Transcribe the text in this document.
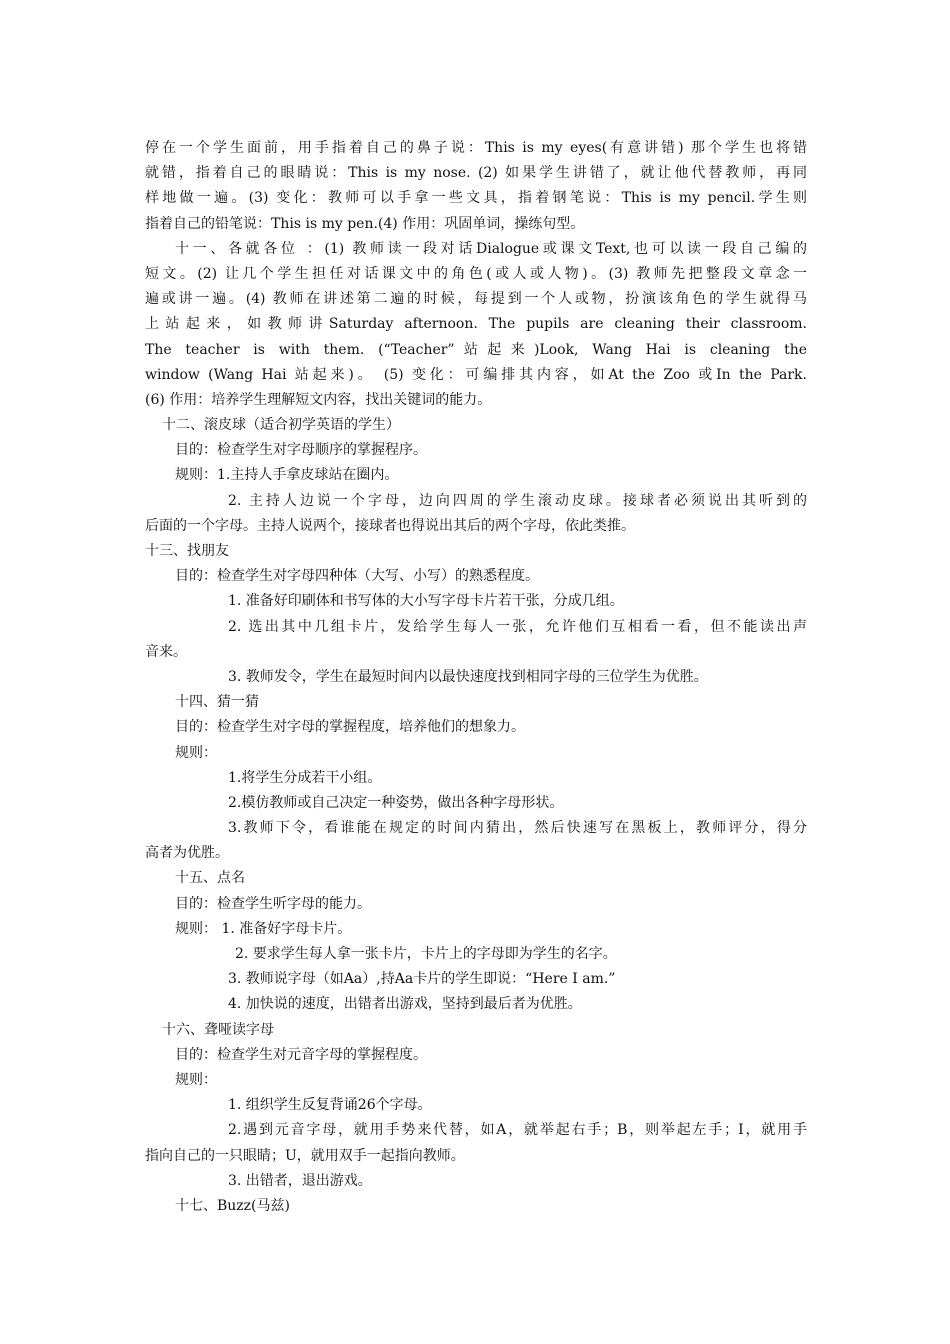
停在一个学生面前，用手指着自己的鼻子说：This is my eyes(有意讲错) 那个学生也将错
就错，指着自己的眼睛说：This is my nose. (2) 如果学生讲错了，就让他代替教师，再同
样地做一遍。(3) 变化：教师可以手拿一些文具，指着钢笔说：This is my pencil.学生则
指着自己的铅笔说：This is my pen.(4) 作用：巩固单词，操练句型。
十一、各就各位 ：(1) 教师读一段对话Dialogue或课文Text,也可以读一段自己编的
短文。(2) 让几个学生担任对话课文中的角色(或人或人物)。(3) 教师先把整段文章念一
遍或讲一遍。(4) 教师在讲述第二遍的时候，每提到一个人或物，扮演该角色的学生就得马
上站起来，如教师讲Saturday afternoon. The pupils are cleaning their classroom.
The teacher is with them. (“Teacher”站起来)Look, Wang Hai is cleaning the
window (Wang Hai 站起来)。 (5) 变化：可编排其内容，如At the Zoo 或In the Park.
(6) 作用：培养学生理解短文内容，找出关键词的能力。
十二、滚皮球（适合初学英语的学生）
目的：检查学生对字母顺序的掌握程序。
规则：1.主持人手拿皮球站在圈内。
2. 主持人边说一个字母，边向四周的学生滚动皮球。接球者必须说出其听到的
后面的一个字母。主持人说两个，接球者也得说出其后的两个字母，依此类推。
十三、找朋友
目的：检查学生对字母四种体（大写、小写）的熟悉程度。
1. 准备好印刷体和书写体的大小写字母卡片若干张，分成几组。
2. 选出其中几组卡片，发给学生每人一张，允许他们互相看一看，但不能读出声
音来。
3. 教师发令，学生在最短时间内以最快速度找到相同字母的三位学生为优胜。
十四、猜一猜
目的：检查学生对字母的掌握程度，培养他们的想象力。
规则：
1.将学生分成若干小组。
2.模仿教师或自己决定一种姿势，做出各种字母形状。
3.教师下令，看谁能在规定的时间内猜出，然后快速写在黑板上，教师评分，得分
高者为优胜。
十五、点名
目的：检查学生听字母的能力。
规则： 1. 准备好字母卡片。
2. 要求学生每人拿一张卡片，卡片上的字母即为学生的名字。
3. 教师说字母（如Aa）,持Aa卡片的学生即说：“Here I am.”
4. 加快说的速度，出错者出游戏，坚持到最后者为优胜。
十六、聋哑读字母
目的：检查学生对元音字母的掌握程度。
规则：
1. 组织学生反复背诵26个字母。
2.遇到元音字母，就用手势来代替，如A，就举起右手；B，则举起左手；I，就用手
指向自己的一只眼睛；U，就用双手一起指向教师。
3. 出错者，退出游戏。
十七、Buzz(马兹)
